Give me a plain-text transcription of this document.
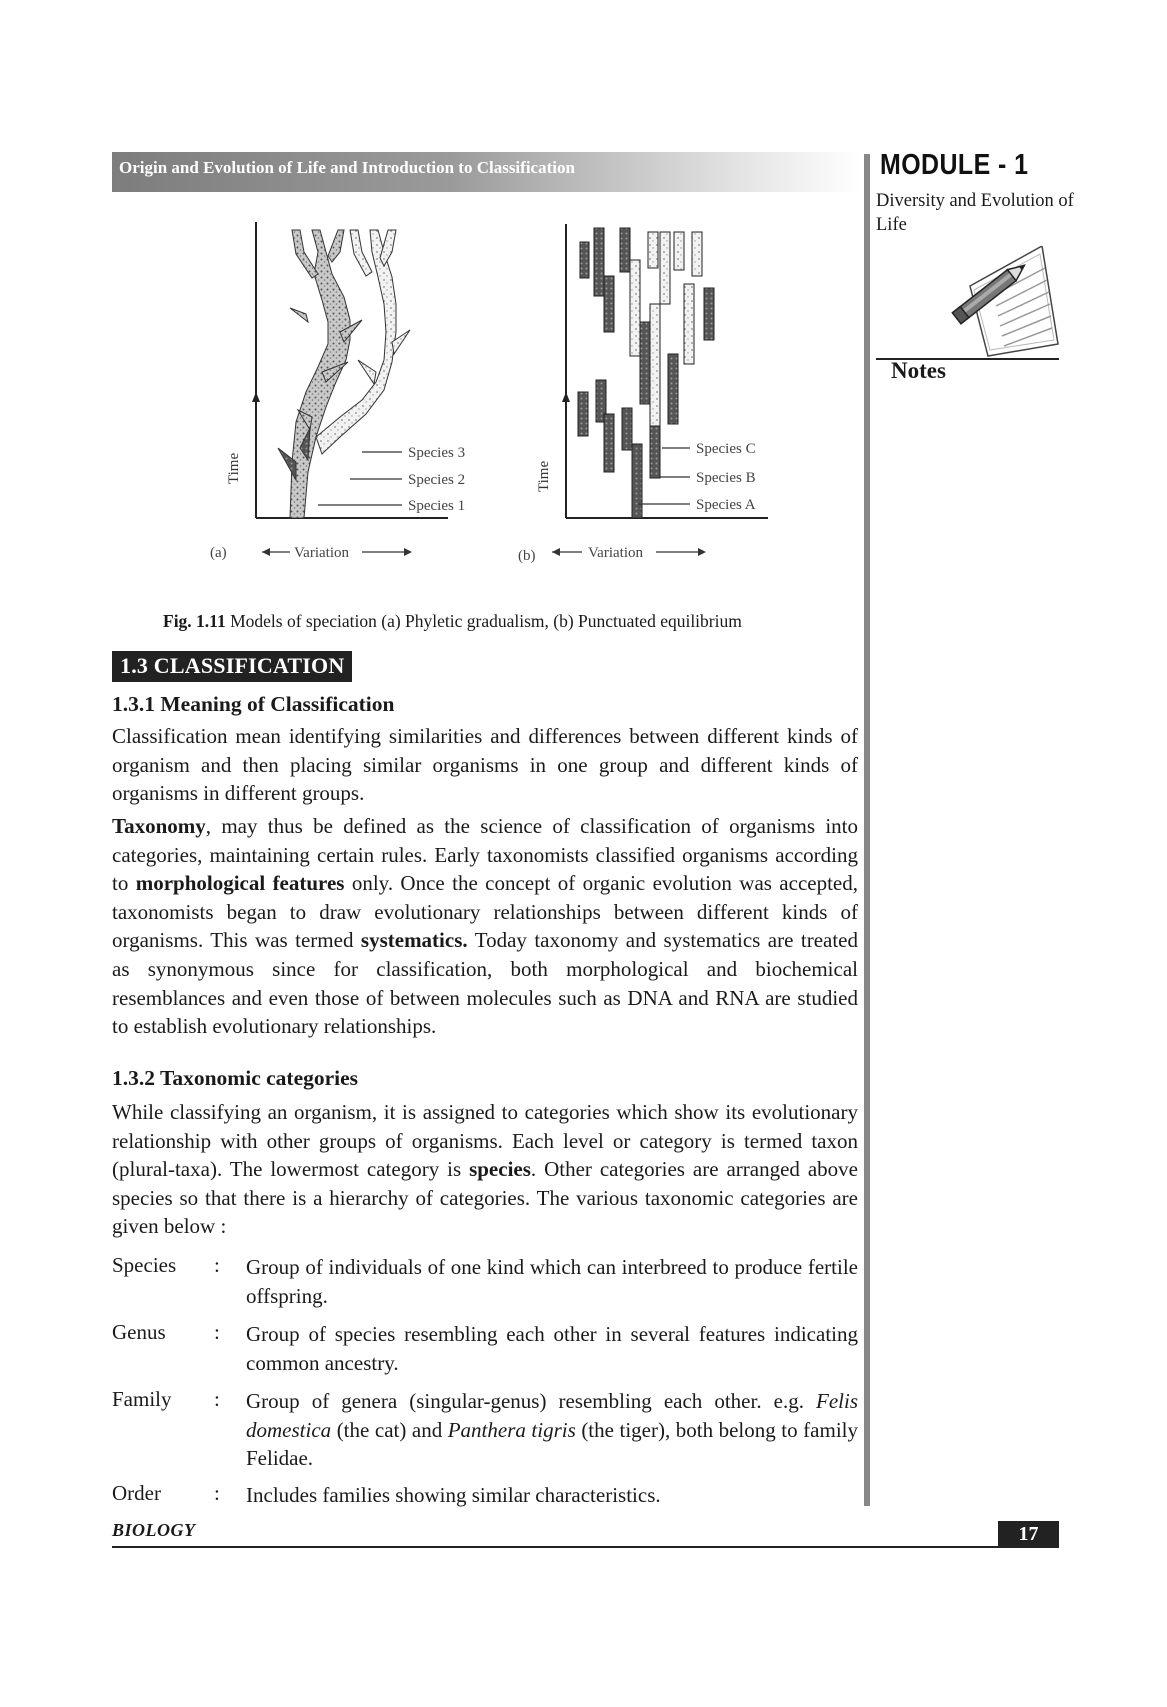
Origin and Evolution of Life and Introduction to Classification	MODULE - 1
Diversity and Evolution of Life
Notes
Time	Species 3
Species 2
Species 1
(a)	Variation
Time
Species C
Species B
Species A
(b)	Variation
Fig. 1.11 Models of speciation (a) Phyletic gradualism, (b) Punctuated equilibrium
1.3 CLASSIFICATION
1.3.1 Meaning of Classification
Classification mean identifying similarities and differences between different kinds of organism and then placing similar organisms in one group and different kinds of organisms in different groups.
Taxonomy, may thus be defined as the science of classification of organisms into categories, maintaining certain rules. Early taxonomists classified organisms according to morphological features only. Once the concept of organic evolution was accepted, taxonomists began to draw evolutionary relationships between different kinds of organisms. This was termed systematics. Today taxonomy and systematics are treated as synonymous since for classification, both morphological and biochemical resemblances and even those of between molecules such as DNA and RNA are studied to establish evolutionary relationships.
1.3.2 Taxonomic categories
While classifying an organism, it is assigned to categories which show its evolutionary relationship with other groups of organisms. Each level or category is termed taxon (plural-taxa). The lowermost category is species. Other categories are arranged above species so that there is a hierarchy of categories. The various taxonomic categories are given below :
Species : Group of individuals of one kind which can interbreed to produce fertile offspring.
Genus : Group of species resembling each other in several features indicating common ancestry.
Family : Group of genera (singular-genus) resembling each other. e.g. Felis domestica (the cat) and Panthera tigris (the tiger), both belong to family Felidae.
Order	: Includes families showing similar characteristics.
BIOLOGY	17
